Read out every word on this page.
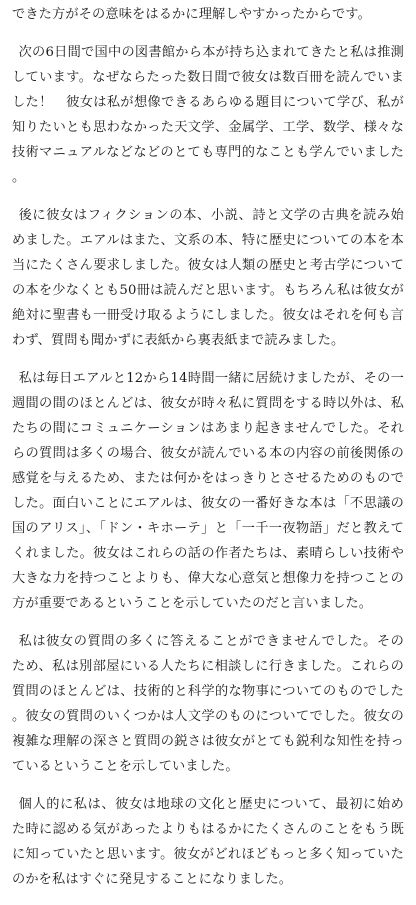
できた方がその意味をはるかに理解しやすかったからです。

次の6日間で国中の図書館から本が持ち込まれてきたと私は推測しています。なぜならたった数日間で彼女は数百冊を読んでいました！　彼女は私が想像できるあらゆる題目について学び、私が知りたいとも思わなかった天文学、金属学、工学、数学、様々な技術マニュアルなどなどのとても専門的なことも学んでいました。

後に彼女はフィクションの本、小説、詩と文学の古典を読み始めました。エアルはまた、文系の本、特に歴史についての本を本当にたくさん要求しました。彼女は人類の歴史と考古学についての本を少なくとも50冊は読んだと思います。もちろん私は彼女が絶対に聖書も一冊受け取るようにしました。彼女はそれを何も言わず、質問も聞かずに表紙から裏表紙まで読みました。

私は毎日エアルと12から14時間一緒に居続けましたが、その一週間の間のほとんどは、彼女が時々私に質問をする時以外は、私たちの間にコミュニケーションはあまり起きませんでした。それらの質問は多くの場合、彼女が読んでいる本の内容の前後関係の感覚を与えるため、または何かをはっきりとさせるためのものでした。面白いことにエアルは、彼女の一番好きな本は「不思議の国のアリス」、「ドン・キホーテ」と「一千一夜物語」だと教えてくれました。彼女はこれらの話の作者たちは、素晴らしい技術や大きな力を持つことよりも、偉大な心意気と想像力を持つことの方が重要であるということを示していたのだと言いました。

私は彼女の質問の多くに答えることができませんでした。そのため、私は別部屋にいる人たちに相談しに行きました。これらの質問のほとんどは、技術的と科学的な物事についてのものでした。彼女の質問のいくつかは人文学のものについてでした。彼女の複雑な理解の深さと質問の鋭さは彼女がとても鋭利な知性を持っているということを示していました。

個人的に私は、彼女は地球の文化と歴史について、最初に始めた時に認める気があったよりもはるかにたくさんのことをもう既に知っていたと思います。彼女がどれほどもっと多く知っていたのかを私はすぐに発見することになりました。
